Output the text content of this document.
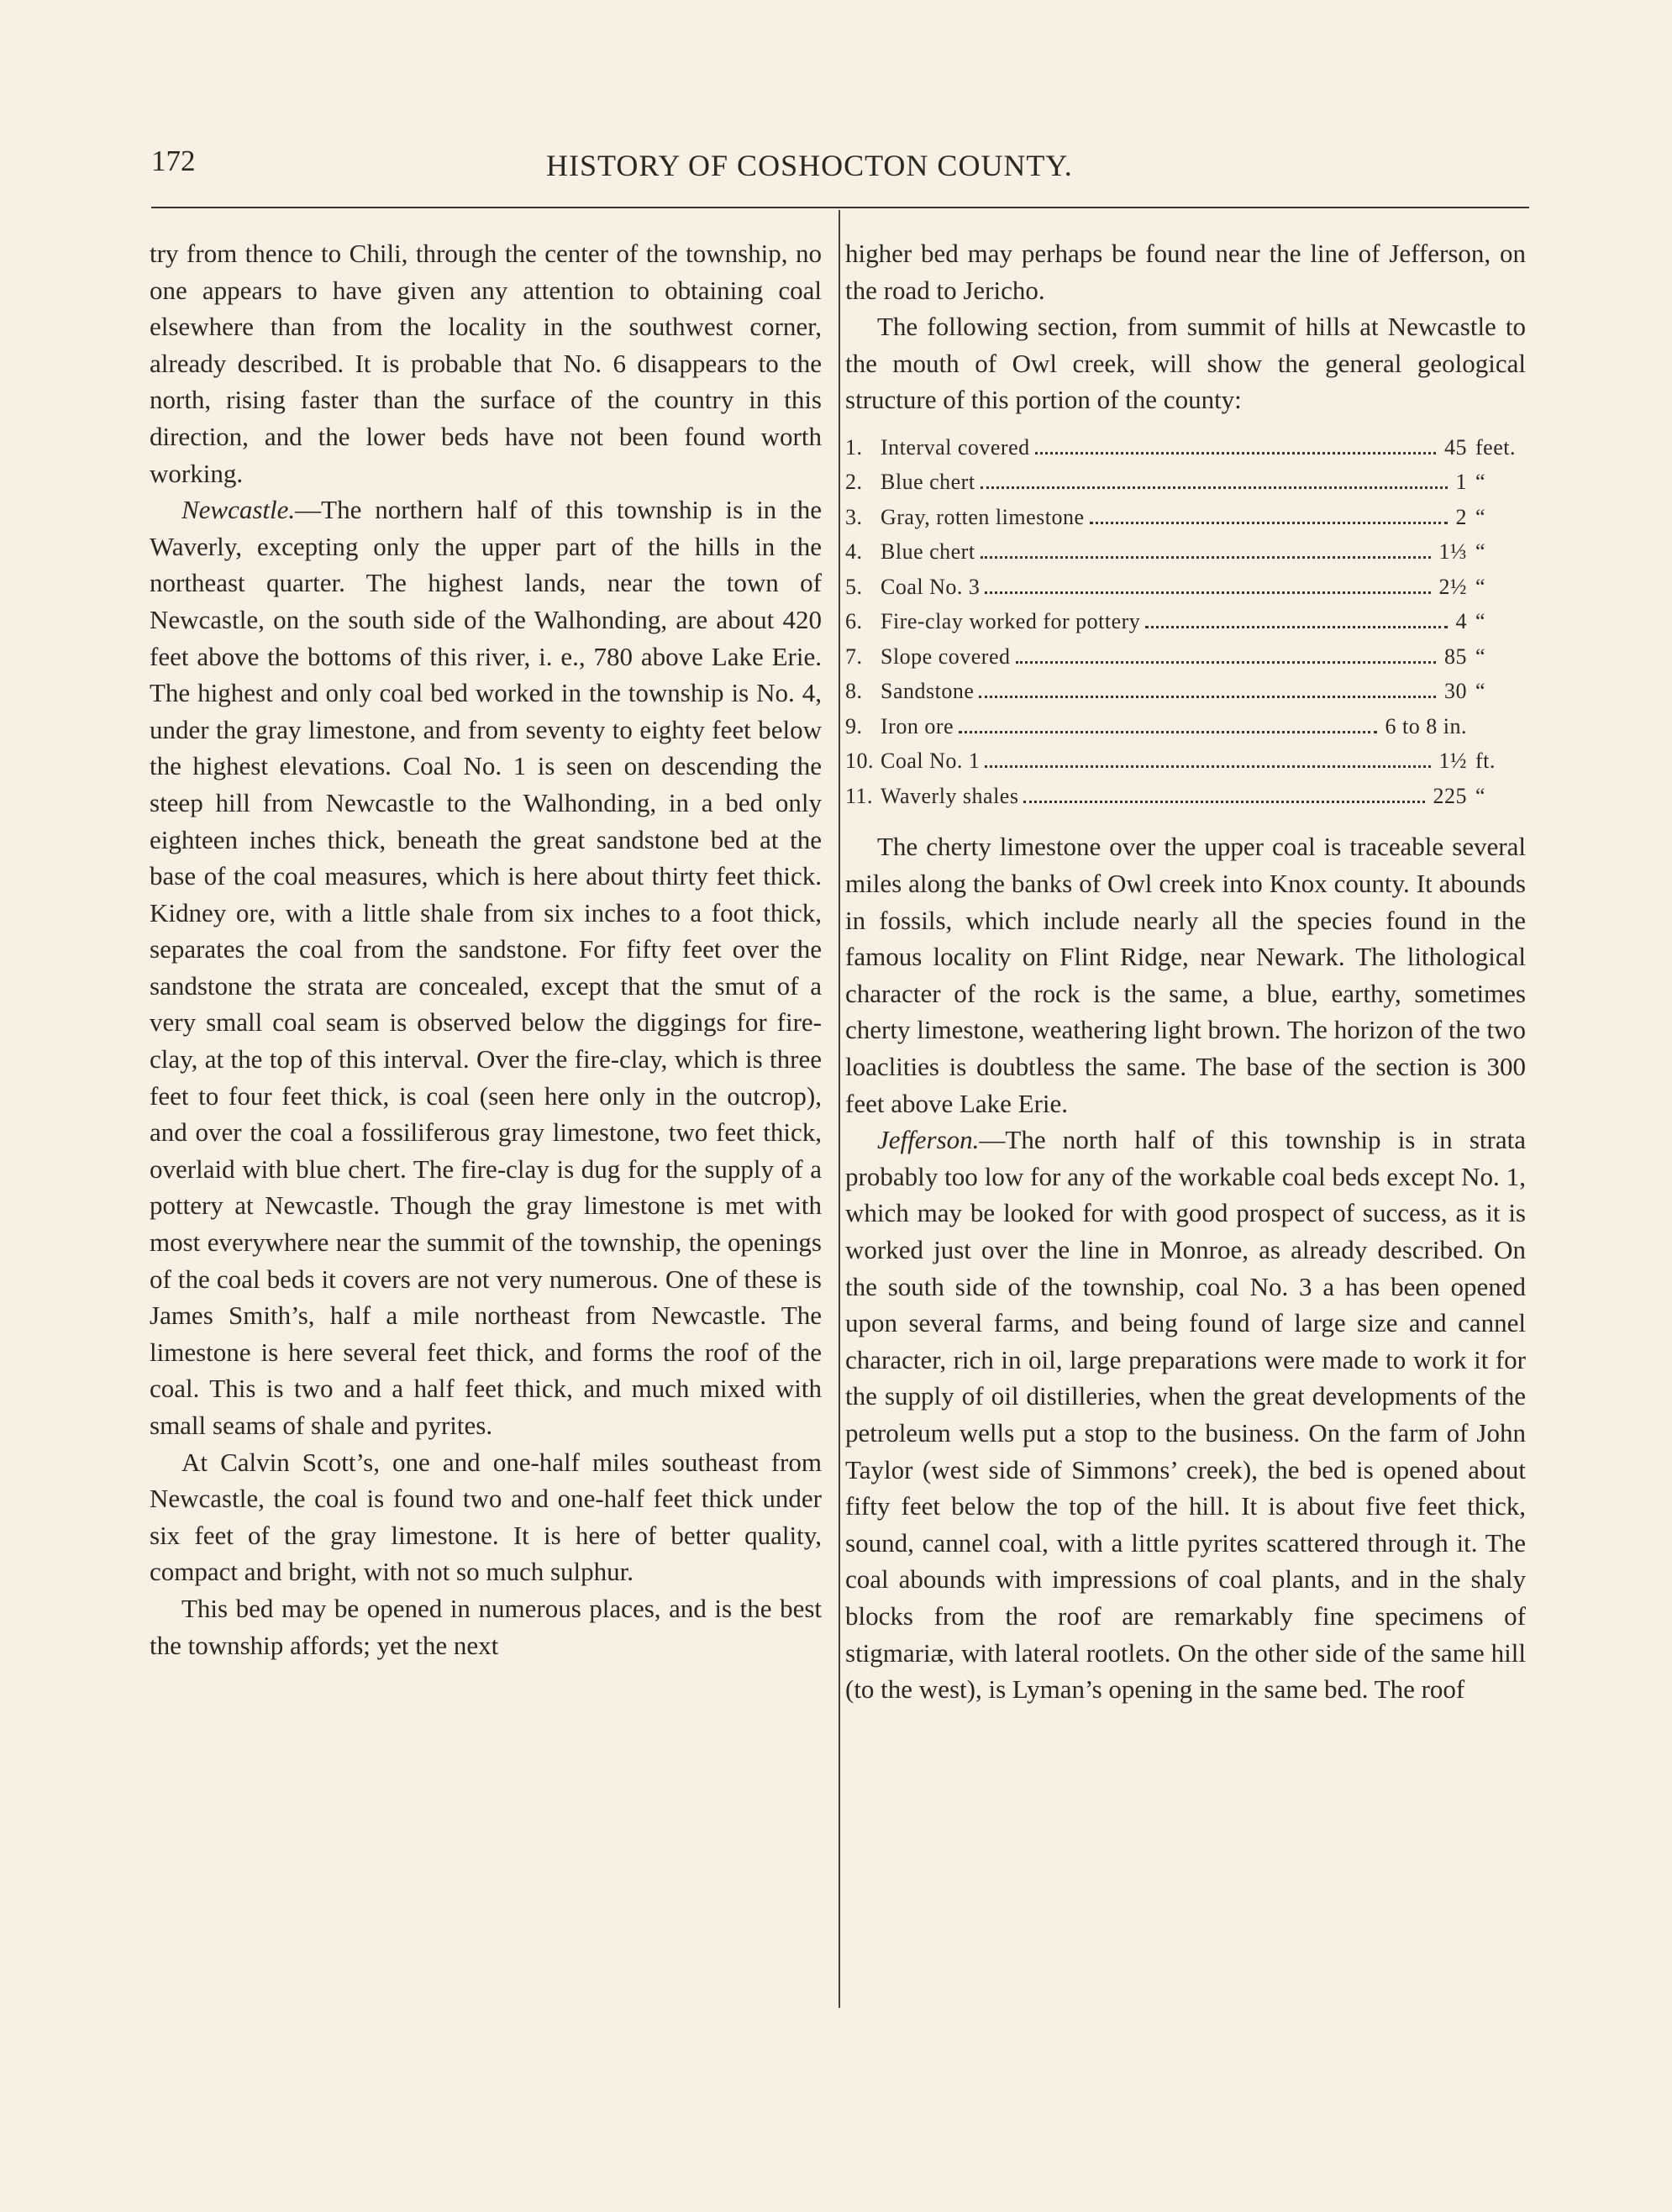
172	HISTORY OF COSHOCTON COUNTY.

try from thence to Chili, through the center of the township, no one appears to have given any attention to obtaining coal elsewhere than from the locality in the southwest corner, already described. It is probable that No. 6 disappears to the north, rising faster than the surface of the country in this direction, and the lower beds have not been found worth working.

Newcastle.—The northern half of this township is in the Waverly, excepting only the upper part of the hills in the northeast quarter. The highest lands, near the town of Newcastle, on the south side of the Walhonding, are about 420 feet above the bottoms of this river, i. e., 780 above Lake Erie. The highest and only coal bed worked in the township is No. 4, under the gray limestone, and from seventy to eighty feet below the highest elevations. Coal No. 1 is seen on descending the steep hill from Newcastle to the Walhonding, in a bed only eighteen inches thick, beneath the great sandstone bed at the base of the coal measures, which is here about thirty feet thick. Kidney ore, with a little shale from six inches to a foot thick, separates the coal from the sandstone. For fifty feet over the sandstone the strata are concealed, except that the smut of a very small coal seam is observed below the diggings for fire-clay, at the top of this interval. Over the fire-clay, which is three feet to four feet thick, is coal (seen here only in the outcrop), and over the coal a fossiliferous gray limestone, two feet thick, overlaid with blue chert. The fire-clay is dug for the supply of a pottery at Newcastle. Though the gray limestone is met with most everywhere near the summit of the township, the openings of the coal beds it covers are not very numerous. One of these is James Smith’s, half a mile northeast from Newcastle. The limestone is here several feet thick, and forms the roof of the coal. This is two and a half feet thick, and much mixed with small seams of shale and pyrites.

At Calvin Scott’s, one and one-half miles southeast from Newcastle, the coal is found two and one-half feet thick under six feet of the gray limestone. It is here of better quality, compact and bright, with not so much sulphur.

This bed may be opened in numerous places, and is the best the township affords; yet the next

higher bed may perhaps be found near the line of Jefferson, on the road to Jericho.

The following section, from summit of hills at Newcastle to the mouth of Owl creek, will show the general geological structure of this portion of the county:

1. Interval covered	45 feet.
2. Blue chert	1 “
3. Gray, rotten limestone	2 “
4. Blue chert	1⅓ “
5. Coal No. 3	2½ “
6. Fire-clay worked for pottery	4 “
7. Slope covered	85 “
8. Sandstone	30 “
9. Iron ore	6 to 8 in.
10. Coal No. 1	1½ ft.
11. Waverly shales	225 “

The cherty limestone over the upper coal is traceable several miles along the banks of Owl creek into Knox county. It abounds in fossils, which include nearly all the species found in the famous locality on Flint Ridge, near Newark. The lithological character of the rock is the same, a blue, earthy, sometimes cherty limestone, weathering light brown. The horizon of the two loaclities is doubtless the same. The base of the section is 300 feet above Lake Erie.

Jefferson.—The north half of this township is in strata probably too low for any of the workable coal beds except No. 1, which may be looked for with good prospect of success, as it is worked just over the line in Monroe, as already described. On the south side of the township, coal No. 3 a has been opened upon several farms, and being found of large size and cannel character, rich in oil, large preparations were made to work it for the supply of oil distilleries, when the great developments of the petroleum wells put a stop to the business. On the farm of John Taylor (west side of Simmons’ creek), the bed is opened about fifty feet below the top of the hill. It is about five feet thick, sound, cannel coal, with a little pyrites scattered through it. The coal abounds with impressions of coal plants, and in the shaly blocks from the roof are remarkably fine specimens of stigmariæ, with lateral rootlets. On the other side of the same hill (to the west), is Lyman’s opening in the same bed. The roof
